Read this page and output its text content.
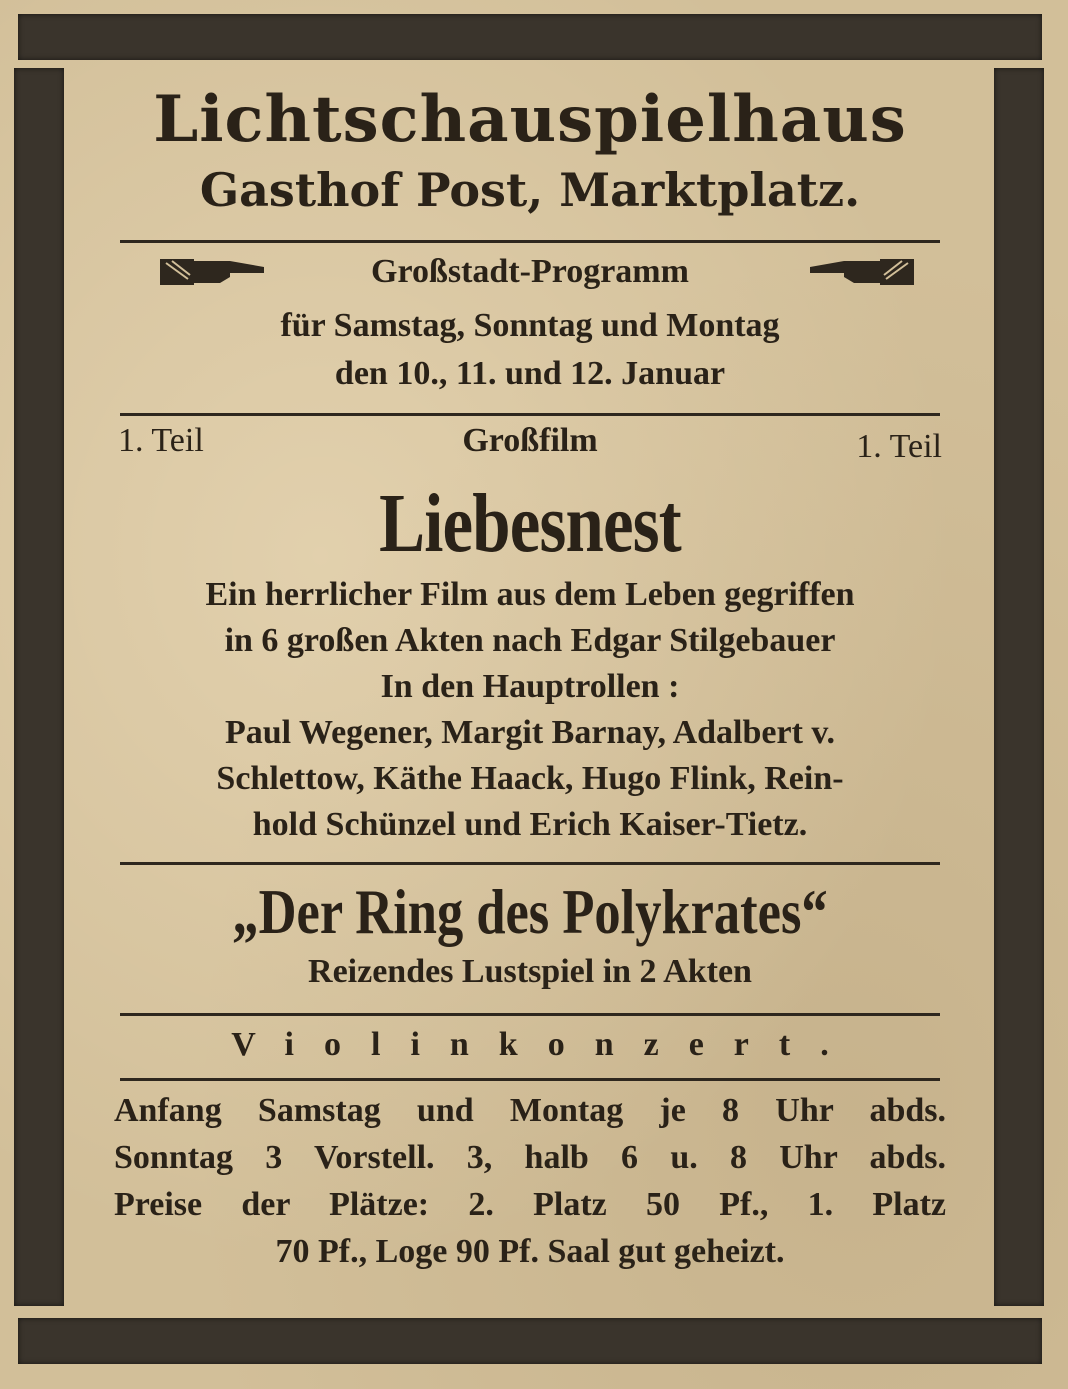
Lichtschauspielhaus
Gasthof Post, Marktplatz.
Großstadt-Programm
für Samstag, Sonntag und Montag
den 10., 11. und 12. Januar
1. Teil	Großfilm	1. Teil
Liebesnest
Ein herrlicher Film aus dem Leben gegriffen
in 6 großen Akten nach Edgar Stilgebauer
In den Hauptrollen :
Paul Wegener, Margit Barnay, Adalbert v.
Schlettow, Käthe Haack, Hugo Flink, Rein-
hold Schünzel und Erich Kaiser-Tietz.
„Der Ring des Polykrates“
Reizendes Lustspiel in 2 Akten
Violinkonzert.
Anfang Samstag und Montag je 8 Uhr abds.
Sonntag 3 Vorstell. 3, halb 6 u. 8 Uhr abds.
Preise der Plätze: 2. Platz 50 Pf., 1. Platz
70 Pf., Loge 90 Pf. Saal gut geheizt.
